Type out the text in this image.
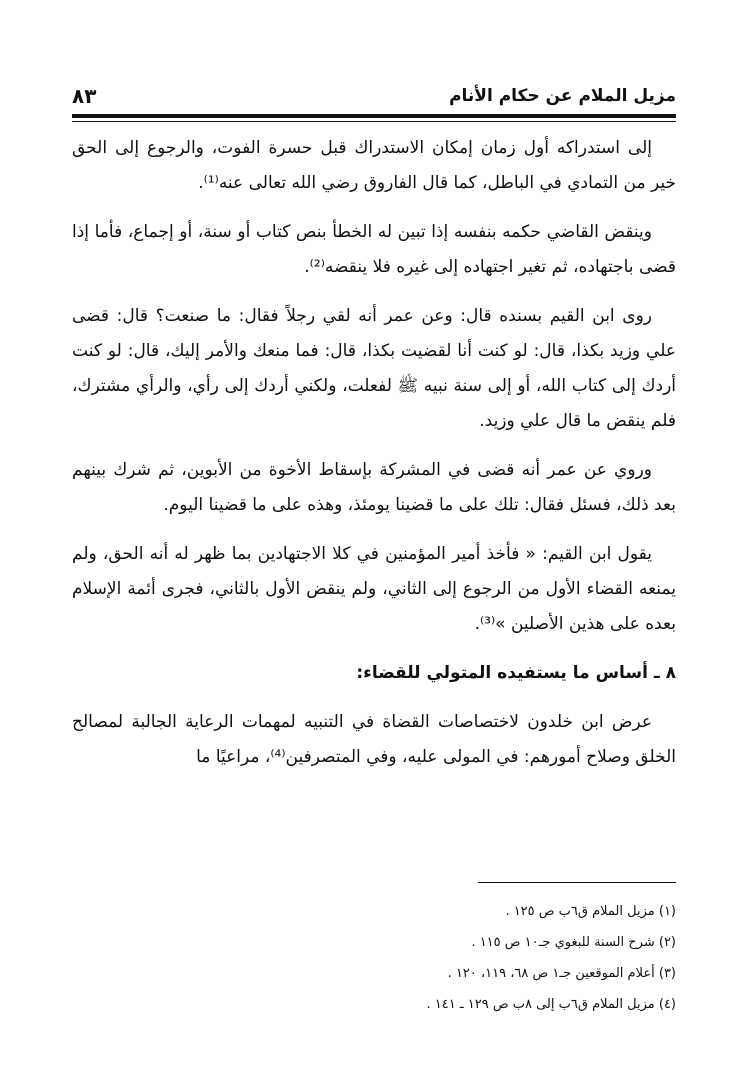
مزيل الملام عن حكام الأنام
٨٣

إلى استدراكه أول زمان إمكان الاستدراك قبل حسرة الفوت، والرجوع إلى الحق خير من التمادي في الباطل، كما قال الفاروق رضي الله تعالى عنه⁽¹⁾.

وينقض القاضي حكمه بنفسه إذا تبين له الخطأ بنص كتاب أو سنة، أو إجماع، فأما إذا قضى باجتهاده، ثم تغير اجتهاده إلى غيره فلا ينقضه⁽²⁾.

روى ابن القيم بسنده قال: وعن عمر أنه لقي رجلاً فقال: ما صنعت؟ قال: قضى علي وزيد بكذا، قال: لو كنت أنا لقضيت بكذا، قال: فما منعك والأمر إليك، قال: لو كنت أردك إلى كتاب الله، أو إلى سنة نبيه ﷺ لفعلت، ولكني أردك إلى رأي، والرأي مشترك، فلم ينقض ما قال علي وزيد.

وروي عن عمر أنه قضى في المشركة بإسقاط الأخوة من الأبوين، ثم شرك بينهم بعد ذلك، فسئل فقال: تلك على ما قضينا يومئذ، وهذه على ما قضينا اليوم.

يقول ابن القيم: « فأخذ أمير المؤمنين في كلا الاجتهادين بما ظهر له أنه الحق، ولم يمنعه القضاء الأول من الرجوع إلى الثاني، ولم ينقض الأول بالثاني، فجرى أئمة الإسلام بعده على هذين الأصلين »⁽³⁾.

٨ ـ أساس ما يستفيده المتولي للقضاء:

عرض ابن خلدون لاختصاصات القضاة في التنبيه لمهمات الرعاية الجالبة لمصالح الخلق وصلاح أمورهم: في المولى عليه، وفي المتصرفين⁽⁴⁾، مراعيًا ما

(١) مزيل الملام ق٦ب ص ١٢٥ .

(٢) شرح السنة للبغوي جـ١٠ ص ١١٥ .

(٣) أعلام الموقعين جـ١ ص ٦٨، ١١٩، ١٢٠ .

(٤) مزيل الملام ق٦ب إلى ٨ب ص ١٢٩ ـ ١٤١ .
